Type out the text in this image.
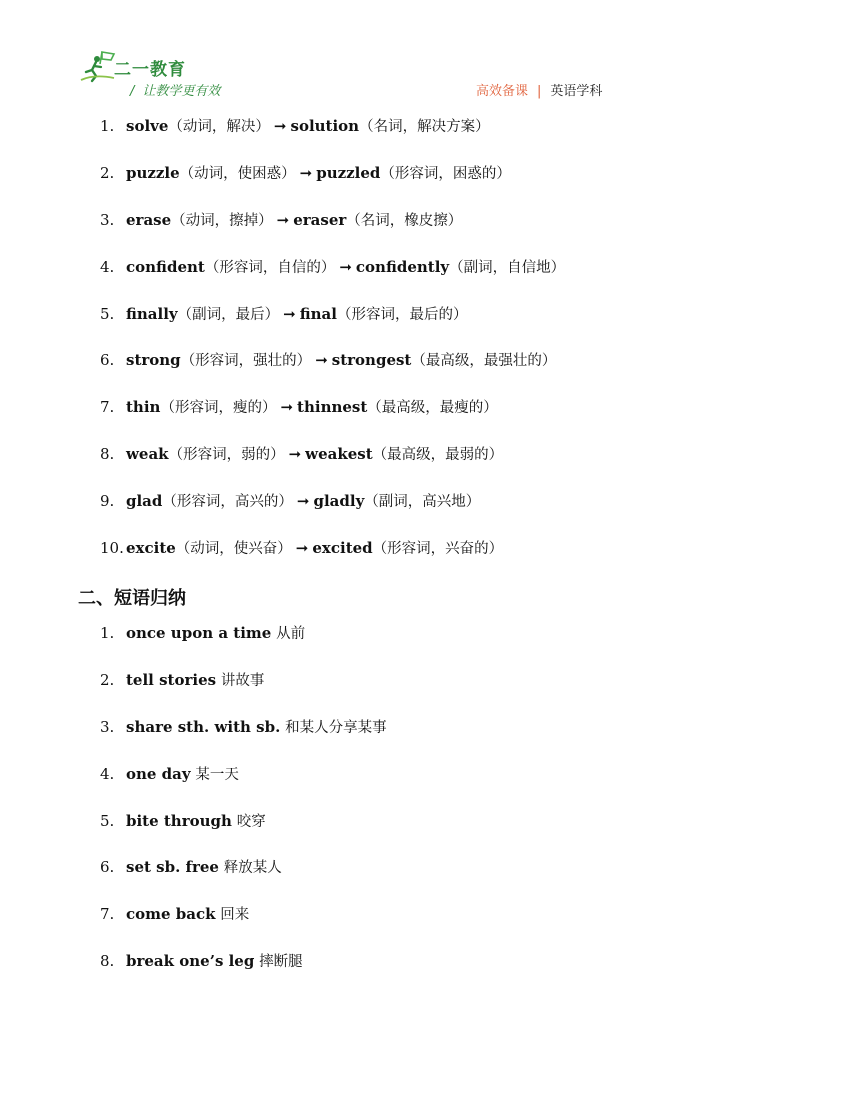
二一教育
/ 让教学更有效	高效备课 | 英语学科
1. solve（动词，解决） ➞ solution（名词，解决方案）
2. puzzle（动词，使困惑） ➞ puzzled（形容词，困惑的）
3. erase（动词，擦掉） ➞ eraser（名词，橡皮擦）
4. confident（形容词，自信的） ➞ confidently（副词，自信地）
5. finally（副词，最后） ➞ final（形容词，最后的）
6. strong（形容词，强壮的） ➞ strongest（最高级，最强壮的）
7. thin（形容词，瘦的） ➞ thinnest（最高级，最瘦的）
8. weak（形容词，弱的） ➞ weakest（最高级，最弱的）
9. glad（形容词，高兴的） ➞ gladly（副词，高兴地）
10. excite（动词，使兴奋） ➞ excited（形容词，兴奋的）
二、短语归纳
1. once upon a time 从前
2. tell stories 讲故事
3. share sth. with sb. 和某人分享某事
4. one day 某一天
5. bite through 咬穿
6. set sb. free 释放某人
7. come back 回来
8. break one’s leg 摔断腿
